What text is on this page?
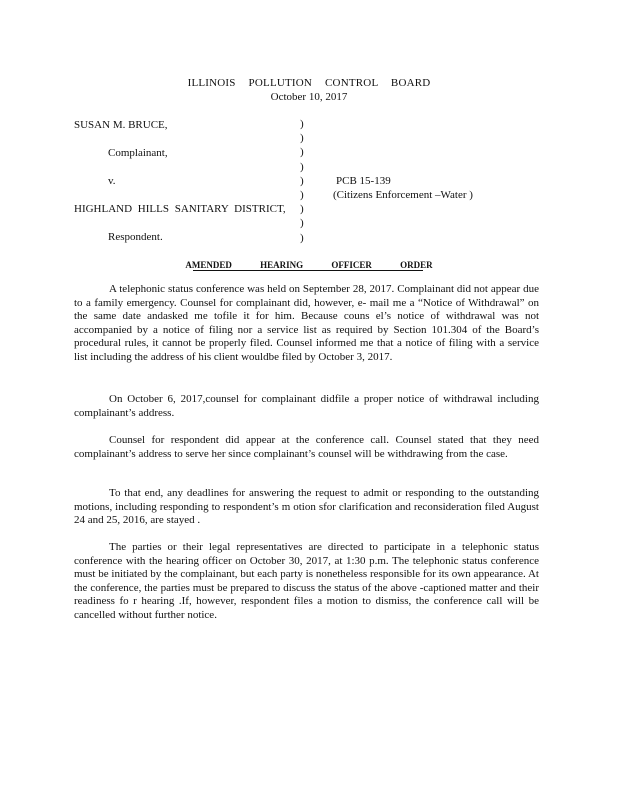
ILLINOIS POLLUTION CONTROL BOARD
October 10, 2017
SUSAN M. BRUCE,
Complainant,
v.
HIGHLAND HILLS SANITARY DISTRICT,
Respondent.
)
)
)
)
)
)
)
)
)
PCB 15-139
(Citizens Enforcement –Water )
AMENDED HEARING OFFICER ORDER
A telephonic status conference was held on September 28, 2017. Complainant did not appear due to a family emergency. Counsel for complainant did, however, e- mail me a “Notice of Withdrawal” on the same date andasked me tofile it for him. Because couns el’s notice of withdrawal was not accompanied by a notice of filing nor a service list as required by Section 101.304 of the Board’s procedural rules, it cannot be properly filed. Counsel informed me that a notice of filing with a service list including the address of his client wouldbe filed by October 3, 2017.
On October 6, 2017,counsel for complainant didfile a proper notice of withdrawal including complainant’s address.
Counsel for respondent did appear at the conference call. Counsel stated that they need complainant’s address to serve her since complainant’s counsel will be withdrawing from the case.
To that end, any deadlines for answering the request to admit or responding to the outstanding motions, including responding to respondent’s m otion sfor clarification and reconsideration filed August 24 and 25, 2016, are stayed .
The parties or their legal representatives are directed to participate in a telephonic status conference with the hearing officer on October 30, 2017, at 1:30 p.m. The telephonic status conference must be initiated by the complainant, but each party is nonetheless responsible for its own appearance. At the conference, the parties must be prepared to discuss the status of the above -captioned matter and their readiness fo r hearing .If, however, respondent files a motion to dismiss, the conference call will be cancelled without further notice.
